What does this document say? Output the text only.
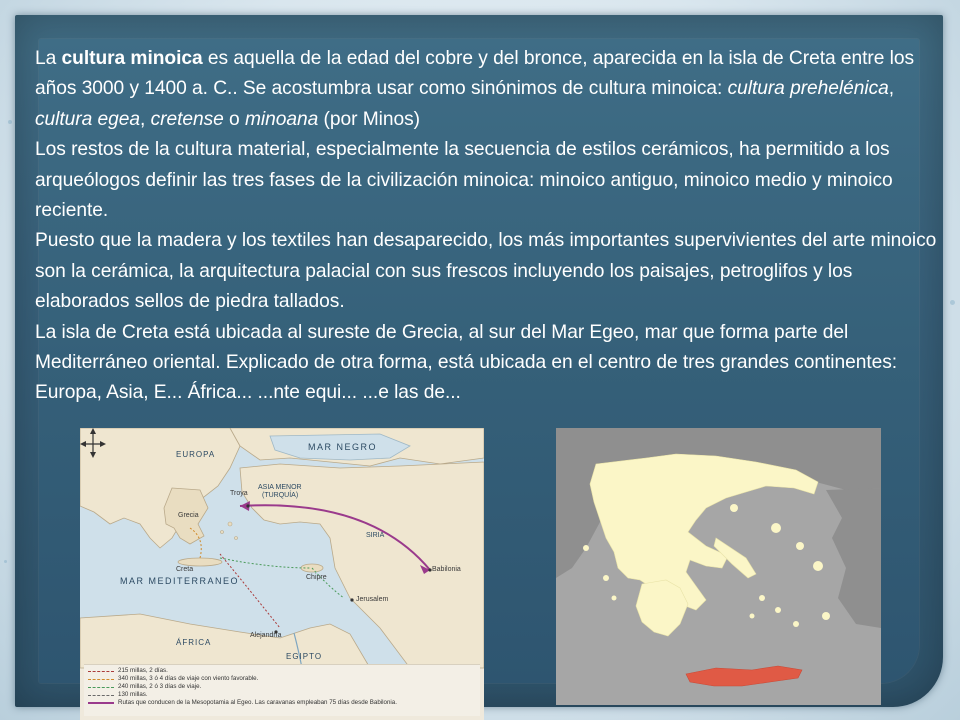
La cultura minoica es aquella de la edad del cobre y del bronce, aparecida en la isla de Creta entre los años 3000 y 1400 a. C.. Se acostumbra usar como sinónimos de cultura minoica: cultura prehelénica, cultura egea, cretense o minoana (por Minos)

Los restos de la cultura material, especialmente la secuencia de estilos cerámicos, ha permitido a los arqueólogos definir las tres fases de la civilización minoica: minoico antiguo, minoico medio y minoico reciente.

Puesto que la madera y los textiles han desaparecido, los más importantes supervivientes del arte minoico son la cerámica, la arquitectura palacial con sus frescos incluyendo los paisajes, petroglifos y los elaborados sellos de piedra tallados.

La isla de Creta está ubicada al sureste de Grecia, al sur del Mar Egeo, mar que forma parte del Mediterráneo oriental. Explicado de otra forma, está ubicada en el centro de tres grandes continentes: Europa, Asia, E... África... ...nte equi... ...e las de...

EUROPA
MAR NEGRO
ASIA MENOR
(TURQUÍA)
Troya
Grecia
Creta
SIRIA
Chipre
Babilonia
Jerusalem
MAR MEDITERRANEO
Alejandría
ÁFRICA
EGIPTO
215 millas, 2 días.
340 millas, 3 ó 4 días de viaje con viento favorable.
240 millas, 2 ó 3 días de viaje.
130 millas.
Rutas que conducen de la Mesopotamia al Egeo. Las caravanas empleaban 75 días desde Babilonia.
